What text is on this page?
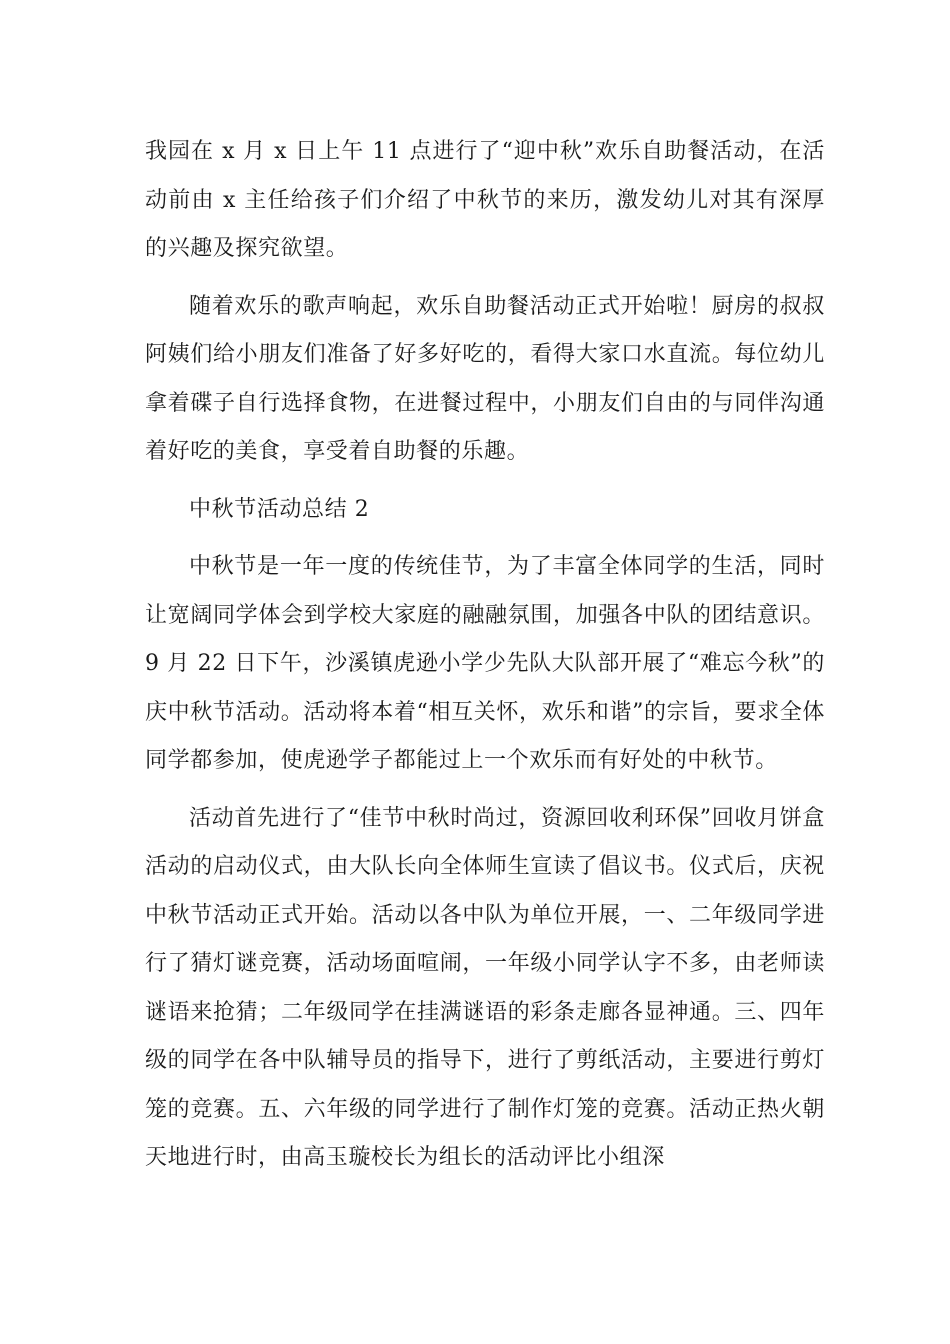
我园在 x 月 x 日上午 11 点进行了“迎中秋”欢乐自助餐活动，在活动前由 x 主任给孩子们介绍了中秋节的来历，激发幼儿对其有深厚的兴趣及探究欲望。

随着欢乐的歌声响起，欢乐自助餐活动正式开始啦！厨房的叔叔阿姨们给小朋友们准备了好多好吃的，看得大家口水直流。每位幼儿拿着碟子自行选择食物，在进餐过程中，小朋友们自由的与同伴沟通着好吃的美食，享受着自助餐的乐趣。

中秋节活动总结 2

中秋节是一年一度的传统佳节，为了丰富全体同学的生活，同时让宽阔同学体会到学校大家庭的融融氛围，加强各中队的团结意识。9 月 22 日下午，沙溪镇虎逊小学少先队大队部开展了“难忘今秋”的庆中秋节活动。活动将本着“相互关怀，欢乐和谐”的宗旨，要求全体同学都参加，使虎逊学子都能过上一个欢乐而有好处的中秋节。

活动首先进行了“佳节中秋时尚过，资源回收利环保”回收月饼盒活动的启动仪式，由大队长向全体师生宣读了倡议书。仪式后，庆祝中秋节活动正式开始。活动以各中队为单位开展，一、二年级同学进行了猜灯谜竞赛，活动场面喧闹，一年级小同学认字不多，由老师读谜语来抢猜；二年级同学在挂满谜语的彩条走廊各显神通。三、四年级的同学在各中队辅导员的指导下，进行了剪纸活动，主要进行剪灯笼的竞赛。五、六年级的同学进行了制作灯笼的竞赛。活动正热火朝天地进行时，由高玉璇校长为组长的活动评比小组深
